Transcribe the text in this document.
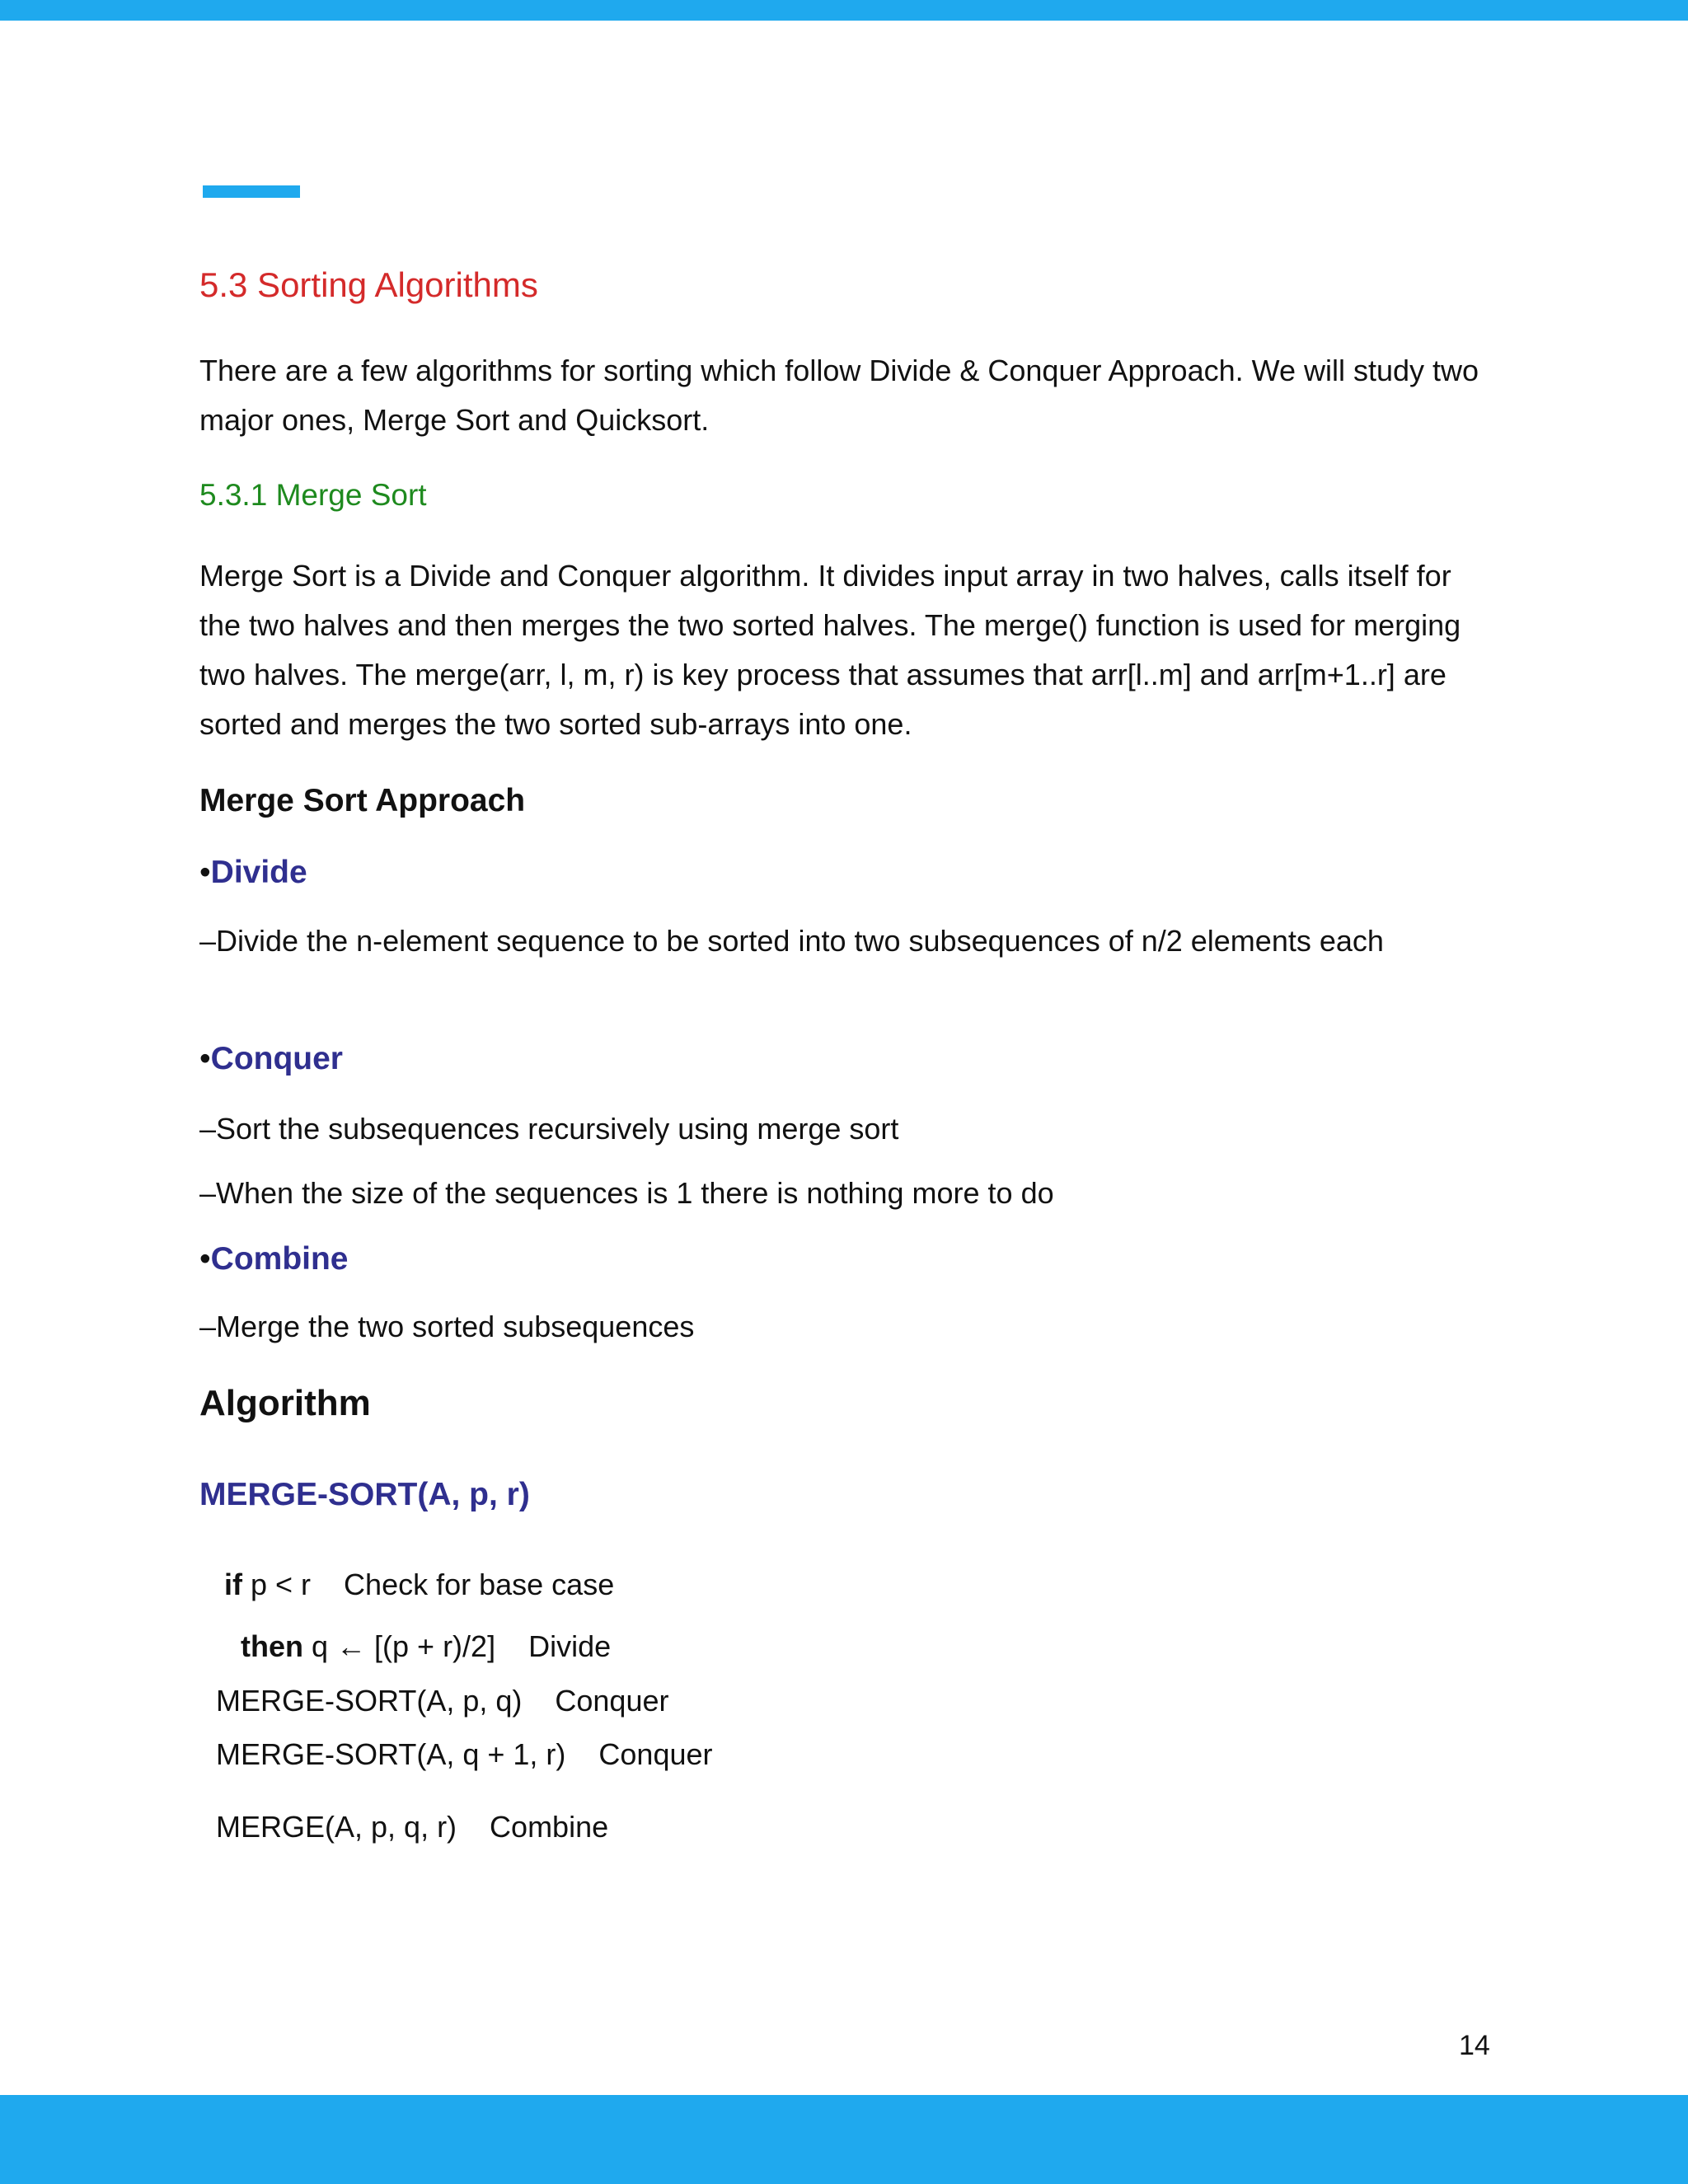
5.3 Sorting Algorithms

There are a few algorithms for sorting which follow Divide & Conquer Approach. We will study two major ones, Merge Sort and Quicksort.

5.3.1 Merge Sort

Merge Sort is a Divide and Conquer algorithm. It divides input array in two halves, calls itself for the two halves and then merges the two sorted halves. The merge() function is used for merging two halves. The merge(arr, l, m, r) is key process that assumes that arr[l..m] and arr[m+1..r] are sorted and merges the two sorted sub-arrays into one.

Merge Sort Approach
•Divide

–Divide the n-element sequence to be sorted into two subsequences of n/2 elements each

•Conquer

–Sort the subsequences recursively using merge sort

–When the size of the sequences is 1 there is nothing more to do

•Combine

–Merge the two sorted subsequences

Algorithm
MERGE-SORT(A, p, r)
if p < r Check for base case
then q ← [(p + r)/2] Divide
MERGE-SORT(A, p, q) Conquer
MERGE-SORT(A, q + 1, r) Conquer
MERGE(A, p, q, r) Combine
14
